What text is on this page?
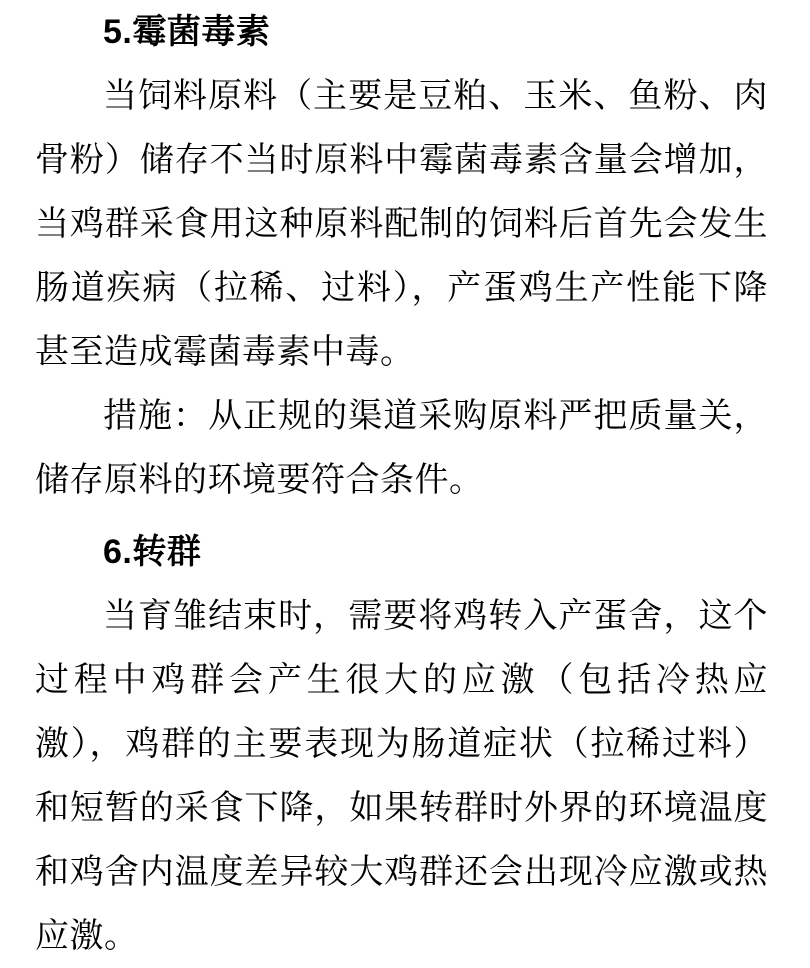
5.霉菌毒素
当饲料原料（主要是豆粕、玉米、鱼粉、肉
骨粉）储存不当时原料中霉菌毒素含量会增加，
当鸡群采食用这种原料配制的饲料后首先会发生
肠道疾病（拉稀、过料），产蛋鸡生产性能下降
甚至造成霉菌毒素中毒。
措施：从正规的渠道采购原料严把质量关，
储存原料的环境要符合条件。
6.转群
当育雏结束时，需要将鸡转入产蛋舍，这个
过程中鸡群会产生很大的应激（包括冷热应
激），鸡群的主要表现为肠道症状（拉稀过料）
和短暂的采食下降，如果转群时外界的环境温度
和鸡舍内温度差异较大鸡群还会出现冷应激或热
应激。
